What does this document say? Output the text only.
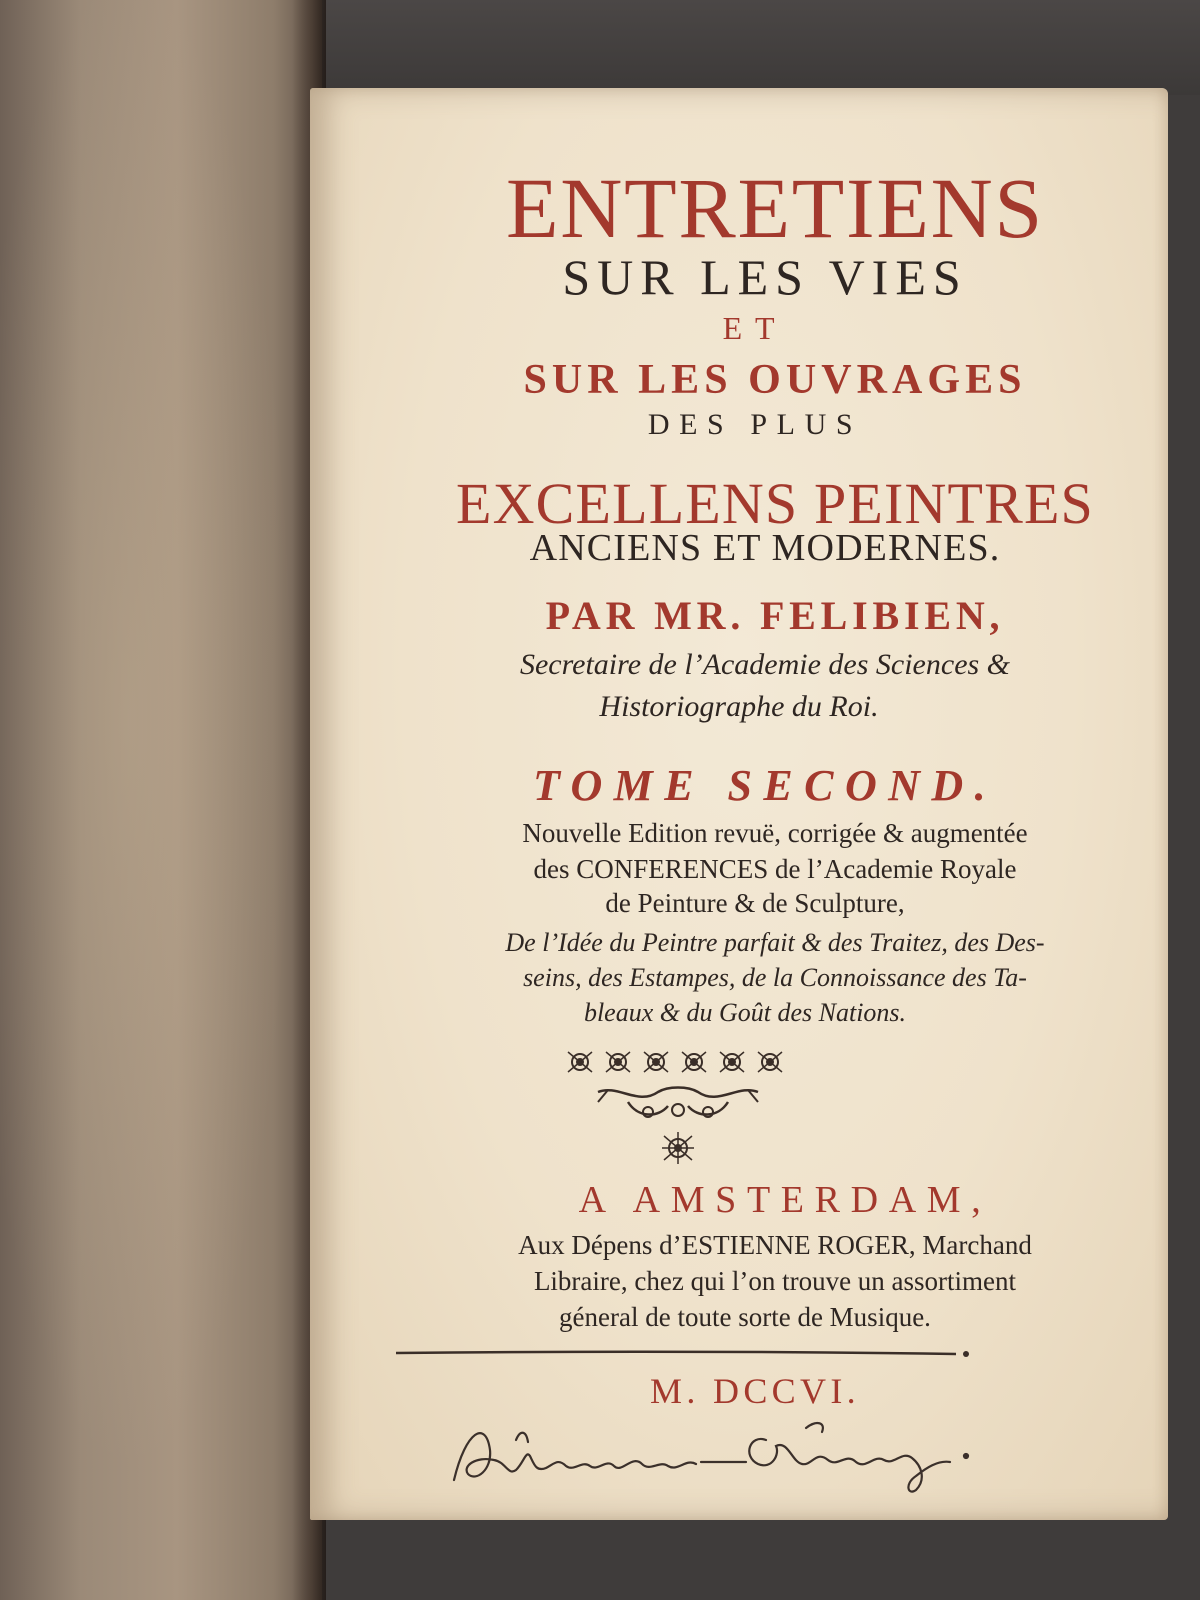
ENTRETIENS
SUR LES VIES
ET
SUR LES OUVRAGES
DES PLUS
EXCELLENS PEINTRES
ANCIENS ET MODERNES.
PAR MR. FELIBIEN,
Secretaire de l’Academie des Sciences &
Historiographe du Roi.
TOME SECOND.
Nouvelle Edition revuë, corrigée & augmentée
des CONFERENCES de l’Academie Royale
de Peinture & de Sculpture,
De l’Idée du Peintre parfait & des Traitez, des Des-
seins, des Estampes, de la Connoissance des Ta-
bleaux & du Goût des Nations.
A AMSTERDAM,
Aux Dépens d’ESTIENNE ROGER, Marchand
Libraire, chez qui l’on trouve un assortiment
géneral de toute sorte de Musique.
M. DCCVI.
